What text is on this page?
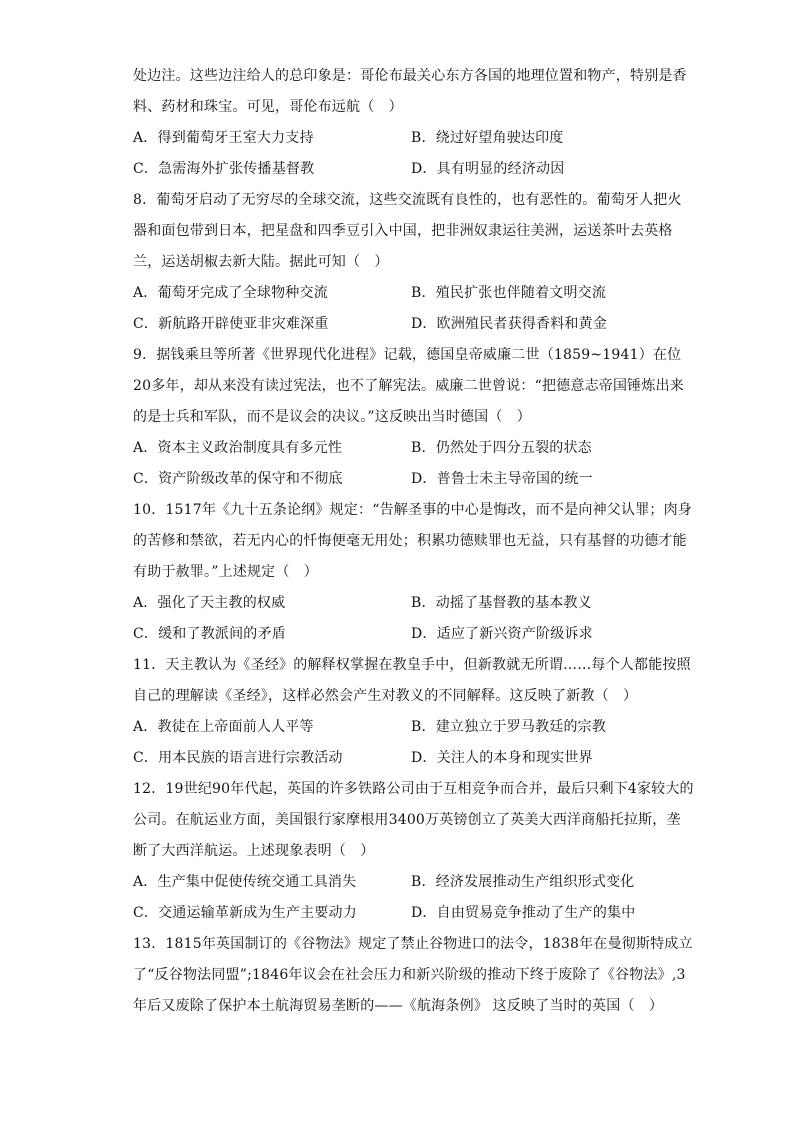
处边注。这些边注给人的总印象是：哥伦布最关心东方各国的地理位置和物产，特别是香料、药材和珠宝。可见，哥伦布远航（　）

A．得到葡萄牙王室大力支持	B．绕过好望角驶达印度
C．急需海外扩张传播基督教	D．具有明显的经济动因

8．葡萄牙启动了无穷尽的全球交流，这些交流既有良性的，也有恶性的。葡萄牙人把火器和面包带到日本，把星盘和四季豆引入中国，把非洲奴隶运往美洲，运送茶叶去英格兰，运送胡椒去新大陆。据此可知（　）

A．葡萄牙完成了全球物种交流	B．殖民扩张也伴随着文明交流
C．新航路开辟使亚非灾难深重	D．欧洲殖民者获得香料和黄金

9．据钱乘旦等所著《世界现代化进程》记载，德国皇帝威廉二世（1859~1941）在位20多年，却从来没有读过宪法，也不了解宪法。威廉二世曾说：“把德意志帝国锤炼出来的是士兵和军队，而不是议会的决议。”这反映出当时德国（　）

A．资本主义政治制度具有多元性	B．仍然处于四分五裂的状态
C．资产阶级改革的保守和不彻底	D．普鲁士未主导帝国的统一

10．1517年《九十五条论纲》规定：“告解圣事的中心是悔改，而不是向神父认罪；肉身的苦修和禁欲，若无内心的忏悔便毫无用处；积累功德赎罪也无益，只有基督的功德才能有助于赦罪。”上述规定（　）

A．强化了天主教的权威	B．动摇了基督教的基本教义
C．缓和了教派间的矛盾	D．适应了新兴资产阶级诉求

11．天主教认为《圣经》的解释权掌握在教皇手中，但新教就无所谓……每个人都能按照自己的理解读《圣经》，这样必然会产生对教义的不同解释。这反映了新教（　）

A．教徒在上帝面前人人平等	B．建立独立于罗马教廷的宗教
C．用本民族的语言进行宗教活动	D．关注人的本身和现实世界

12．19世纪90年代起，英国的许多铁路公司由于互相竞争而合并，最后只剩下4家较大的公司。在航运业方面，美国银行家摩根用3400万英镑创立了英美大西洋商船托拉斯，垄断了大西洋航运。上述现象表明（　）

A．生产集中促使传统交通工具消失	B．经济发展推动生产组织形式变化
C．交通运输革新成为生产主要动力	D．自由贸易竞争推动了生产的集中

13．1815年英国制订的《谷物法》规定了禁止谷物进口的法令，1838年在曼彻斯特成立了“反谷物法同盟”;1846年议会在社会压力和新兴阶级的推动下终于废除了《谷物法》,3年后又废除了保护本土航海贸易垄断的——《航海条例》 这反映了当时的英国（　）
